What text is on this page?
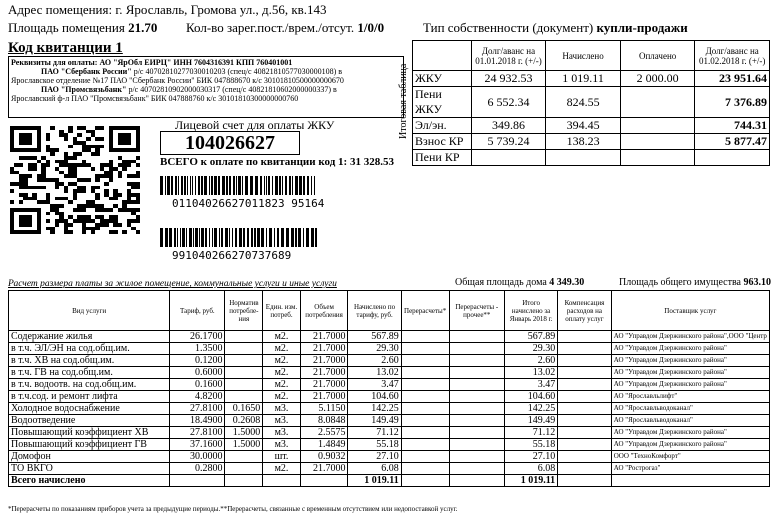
Адрес помещения: г. Ярославль, Громова ул., д.56, кв.143
Площадь помещения 21.70 Кол-во зарег.пост./врем./отсут. 1/0/0	Тип собственности (документ) купли-продажи
Код квитанции 1
Реквизиты для оплаты: АО "ЯрОбл ЕИРЦ" ИНН 7604316391 КПП 760401001
ПАО "Сбербанк России" р/с 40702810277030010203 (спец/с 40821810577030000108) в
Ярославское отделение №17 ПАО "Сбербанк России" БИК 047888670 к/с 30101810500000000670
ПАО "Промсвязьбанк" р/с 40702810902000030317 (спец/с 40821810602000000337) в
Ярославский ф-л ПАО "Промсвязьбанк" БИК 047888760 к/с 30101810300000000760
Лицевой счет для оплаты ЖКУ
104026627
ВСЕГО к оплате по квитанции код 1: 31 328.53
01104026627011823 95164
991040266270737689
Итоговая таблица
	Долг/аванс на 01.01.2018 г. (+/-)	Начислено	Оплачено	Долг/аванс на 01.02.2018 г. (+/-)
ЖКУ	24 932.53	1 019.11	2 000.00	23 951.64
Пени ЖКУ	6 552.34	824.55		7 376.89
Эл/эн.	349.86	394.45		744.31
Взнос КР	5 739.24	138.23		5 877.47
Пени КР				
Расчет размера платы за жилое помещение, коммунальные услуги и иные услуги	Общая площадь дома 4 349.30	Площадь общего имущества 963.10
Вид услуги	Тариф, руб.	Норматив потребле-ния	Един. изм. потреб.	Объем потребления	Начислено по тарифу, руб.	Перерасчеты*	Перерасчеты - прочее**	Итого начислено за Январь 2018 г.	Компенсация расходов на оплату услуг	Поставщик услуг
Содержание жилья	26.1700		м2.	21.7000	567.89			567.89		АО "Управдом Дзержинского района",ООО "Центр
в т.ч. ЭЛ/ЭН на сод.общ.им.	1.3500		м2.	21.7000	29.30			29.30		АО "Управдом Дзержинского района"
в т.ч. ХВ на сод.общ.им.	0.1200		м2.	21.7000	2.60			2.60		АО "Управдом Дзержинского района"
в т.ч. ГВ на сод.общ.им.	0.6000		м2.	21.7000	13.02			13.02		АО "Управдом Дзержинского района"
в т.ч. водоотв. на сод.общ.им.	0.1600		м2.	21.7000	3.47			3.47		АО "Управдом Дзержинского района"
в т.ч.сод. и ремонт лифта	4.8200		м2.	21.7000	104.60			104.60		АО "Ярославльлифт"
Холодное водоснабжение	27.8100	0.1650	м3.	5.1150	142.25			142.25		АО "Ярославльводоканал"
Водоотведение	18.4900	0.2608	м3.	8.0848	149.49			149.49		АО "Ярославльводоканал"
Повышающий коэффициент ХВ	27.8100	1.5000	м3.	2.5575	71.12			71.12		АО "Управдом Дзержинского района"
Повышающий коэффициент ГВ	37.1600	1.5000	м3.	1.4849	55.18			55.18		АО "Управдом Дзержинского района"
Домофон	30.0000		шт.	0.9032	27.10			27.10		ООО "ТехноКомфорт"
ТО ВКГО	0.2800		м2.	21.7000	6.08			6.08		АО "Рострогаз"
Всего начислено					1 019.11			1 019.11		
*Перерасчеты по показаниям приборов учета за предыдущие периоды.**Перерасчеты, связанные с временным отсутствием или недопоставкой услуг.
